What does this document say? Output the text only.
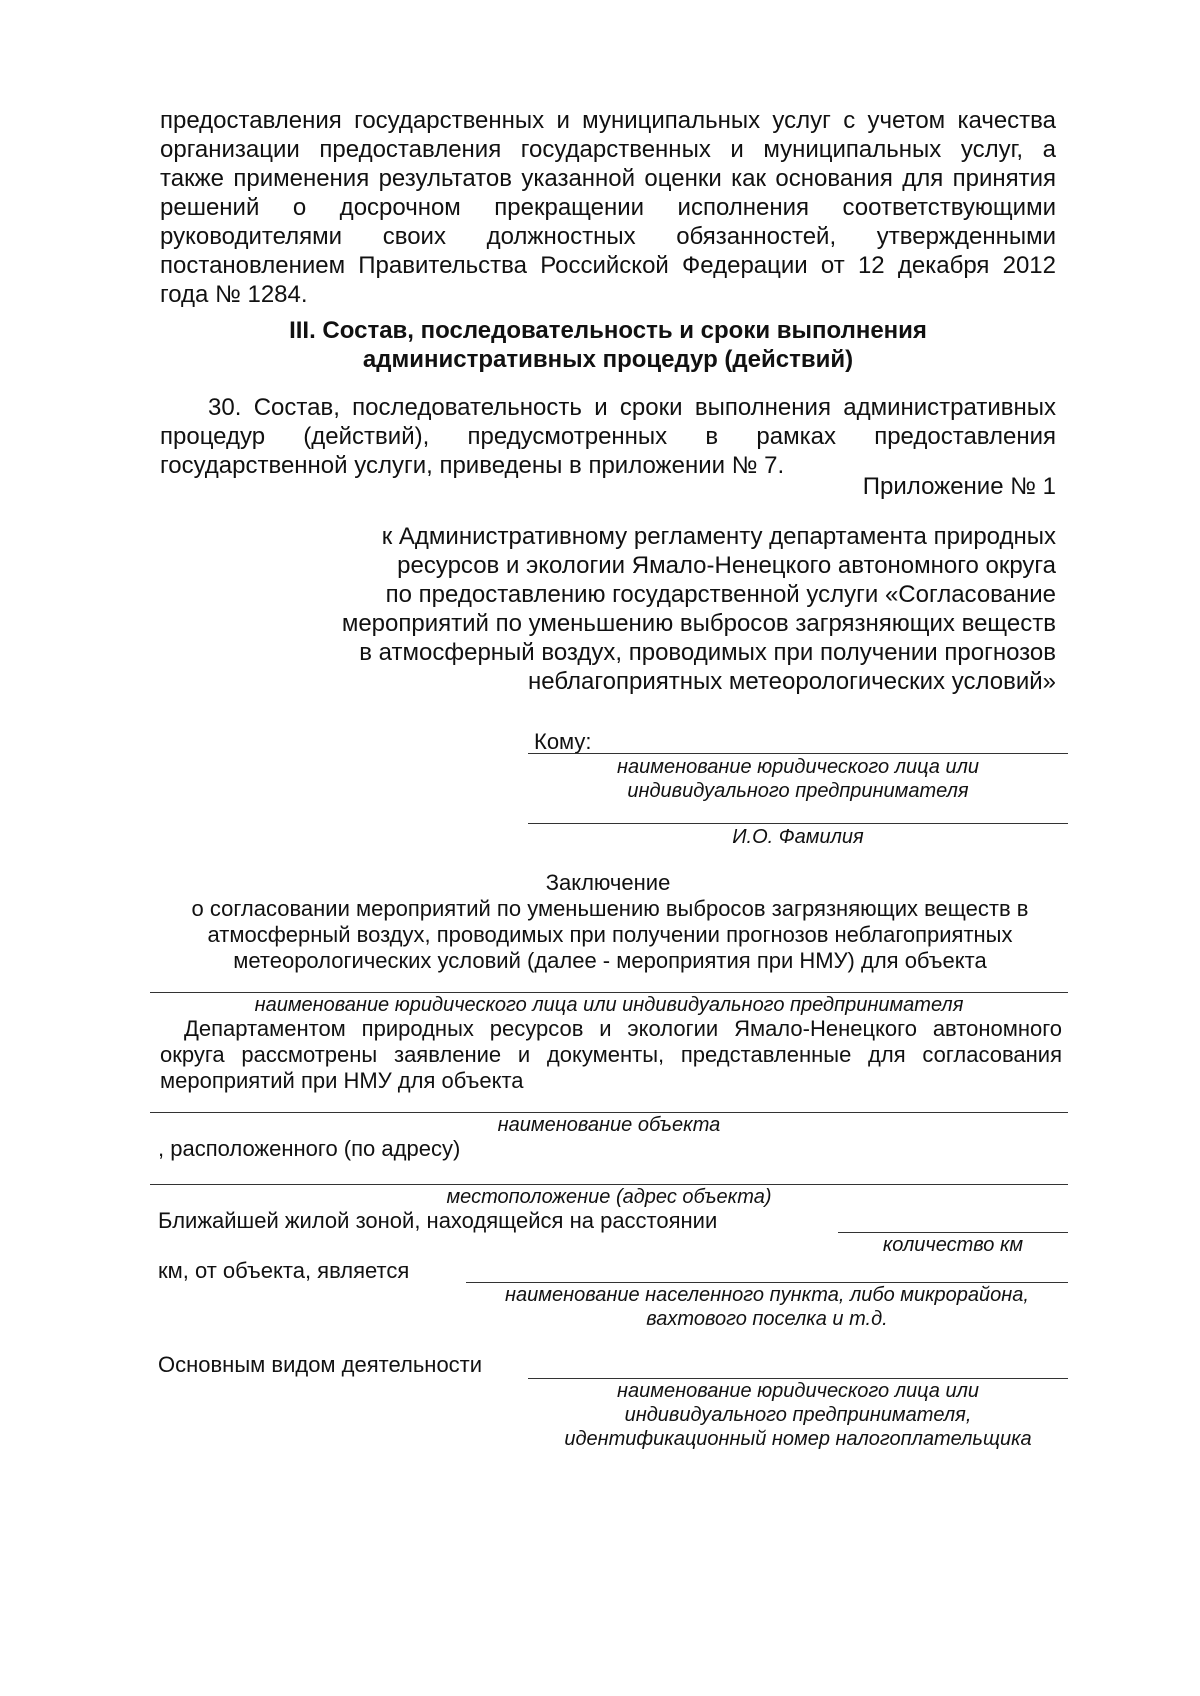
предоставления государственных и муниципальных услуг с учетом качества
организации предоставления государственных и муниципальных услуг, а
также применения результатов указанной оценки как основания для принятия
решений о досрочном прекращении исполнения соответствующими
руководителями своих должностных обязанностей, утвержденными
постановлением Правительства Российской Федерации от 12 декабря 2012
года № 1284.
III. Состав, последовательность и сроки выполнения
административных процедур (действий)
30. Состав, последовательность и сроки выполнения административных
процедур (действий), предусмотренных в рамках предоставления
государственной услуги, приведены в приложении № 7.
Приложение № 1
к Административному регламенту департамента природных
ресурсов и экологии Ямало-Ненецкого автономного округа
по предоставлению государственной услуги «Согласование
мероприятий по уменьшению выбросов загрязняющих веществ
в атмосферный воздух, проводимых при получении прогнозов
неблагоприятных метеорологических условий»
Кому:
наименование юридического лица или
индивидуального предпринимателя
И.О. Фамилия
Заключение
о согласовании мероприятий по уменьшению выбросов загрязняющих веществ в
атмосферный воздух, проводимых при получении прогнозов неблагоприятных
метеорологических условий (далее - мероприятия при НМУ) для объекта
наименование юридического лица или индивидуального предпринимателя
Департаментом природных ресурсов и экологии Ямало-Ненецкого автономного
округа рассмотрены заявление и документы, представленные для согласования
мероприятий при НМУ для объекта
наименование объекта
, расположенного (по адресу)
местоположение (адрес объекта)
Ближайшей жилой зоной, находящейся на расстоянии
количество км
км, от объекта, является
наименование населенного пункта, либо микрорайона,
вахтового поселка и т.д.
Основным видом деятельности
наименование юридического лица или
индивидуального предпринимателя,
идентификационный номер налогоплательщика
